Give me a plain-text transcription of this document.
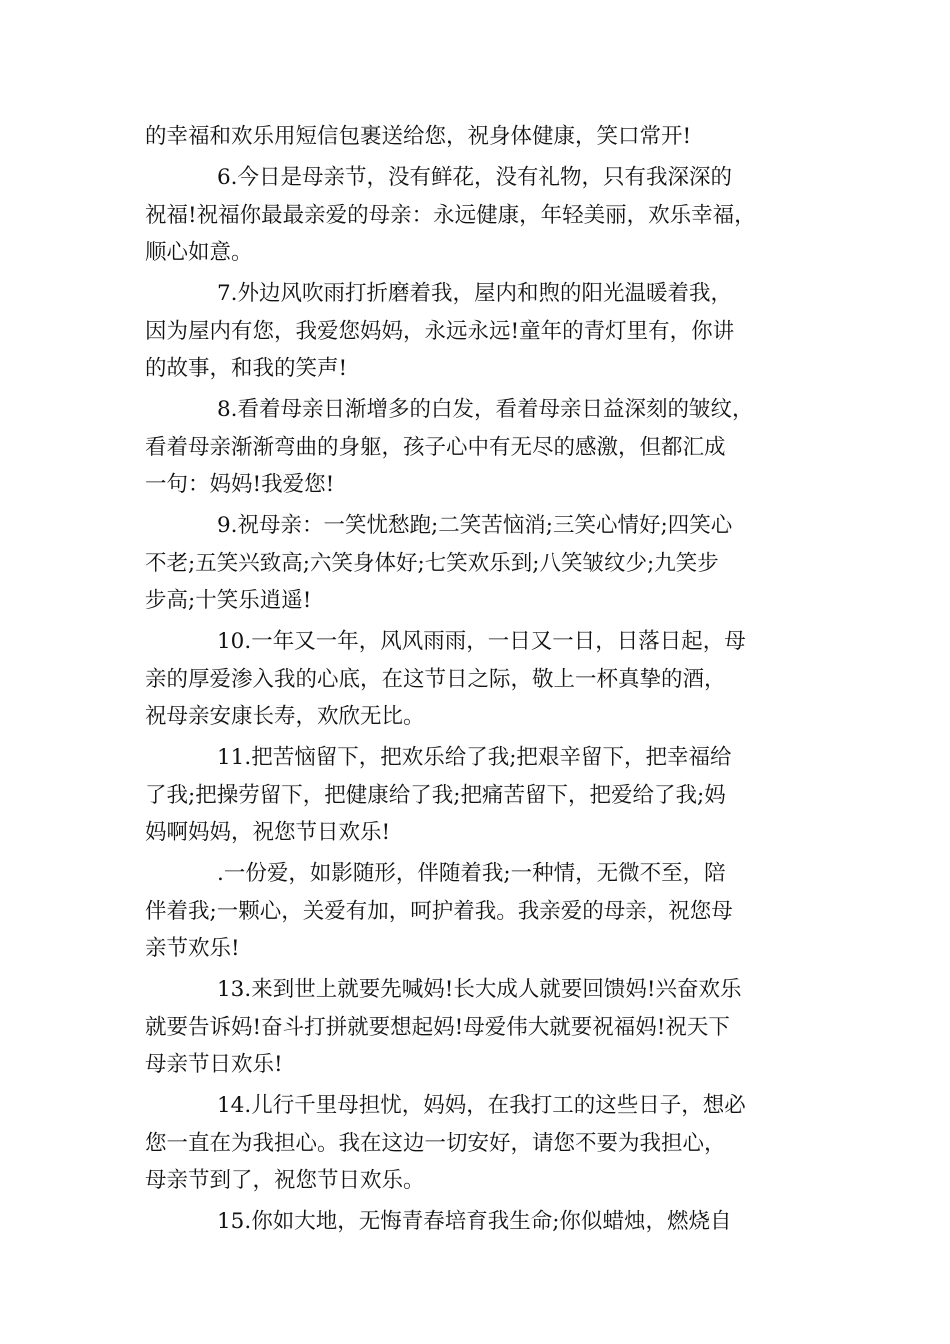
的幸福和欢乐用短信包裹送给您，祝身体健康，笑口常开!

6.今日是母亲节，没有鲜花，没有礼物，只有我深深的
祝福!祝福你最最亲爱的母亲：永远健康，年轻美丽，欢乐幸福，
顺心如意。

7.外边风吹雨打折磨着我，屋内和煦的阳光温暖着我，
因为屋内有您，我爱您妈妈，永远永远!童年的青灯里有，你讲
的故事，和我的笑声!

8.看着母亲日渐增多的白发，看着母亲日益深刻的皱纹，
看着母亲渐渐弯曲的身躯，孩子心中有无尽的感激，但都汇成
一句：妈妈!我爱您!

9.祝母亲：一笑忧愁跑;二笑苦恼消;三笑心情好;四笑心
不老;五笑兴致高;六笑身体好;七笑欢乐到;八笑皱纹少;九笑步
步高;十笑乐逍遥!

10.一年又一年，风风雨雨，一日又一日，日落日起，母
亲的厚爱渗入我的心底，在这节日之际，敬上一杯真挚的酒，
祝母亲安康长寿，欢欣无比。

11.把苦恼留下，把欢乐给了我;把艰辛留下，把幸福给
了我;把操劳留下，把健康给了我;把痛苦留下，把爱给了我;妈
妈啊妈妈，祝您节日欢乐!

.一份爱，如影随形，伴随着我;一种情，无微不至，陪
伴着我;一颗心，关爱有加，呵护着我。我亲爱的母亲，祝您母
亲节欢乐!

13.来到世上就要先喊妈!长大成人就要回馈妈!兴奋欢乐
就要告诉妈!奋斗打拼就要想起妈!母爱伟大就要祝福妈!祝天下
母亲节日欢乐!

14.儿行千里母担忧，妈妈，在我打工的这些日子，想必
您一直在为我担心。我在这边一切安好，请您不要为我担心，
母亲节到了，祝您节日欢乐。

15.你如大地，无悔青春培育我生命;你似蜡烛，燃烧自
